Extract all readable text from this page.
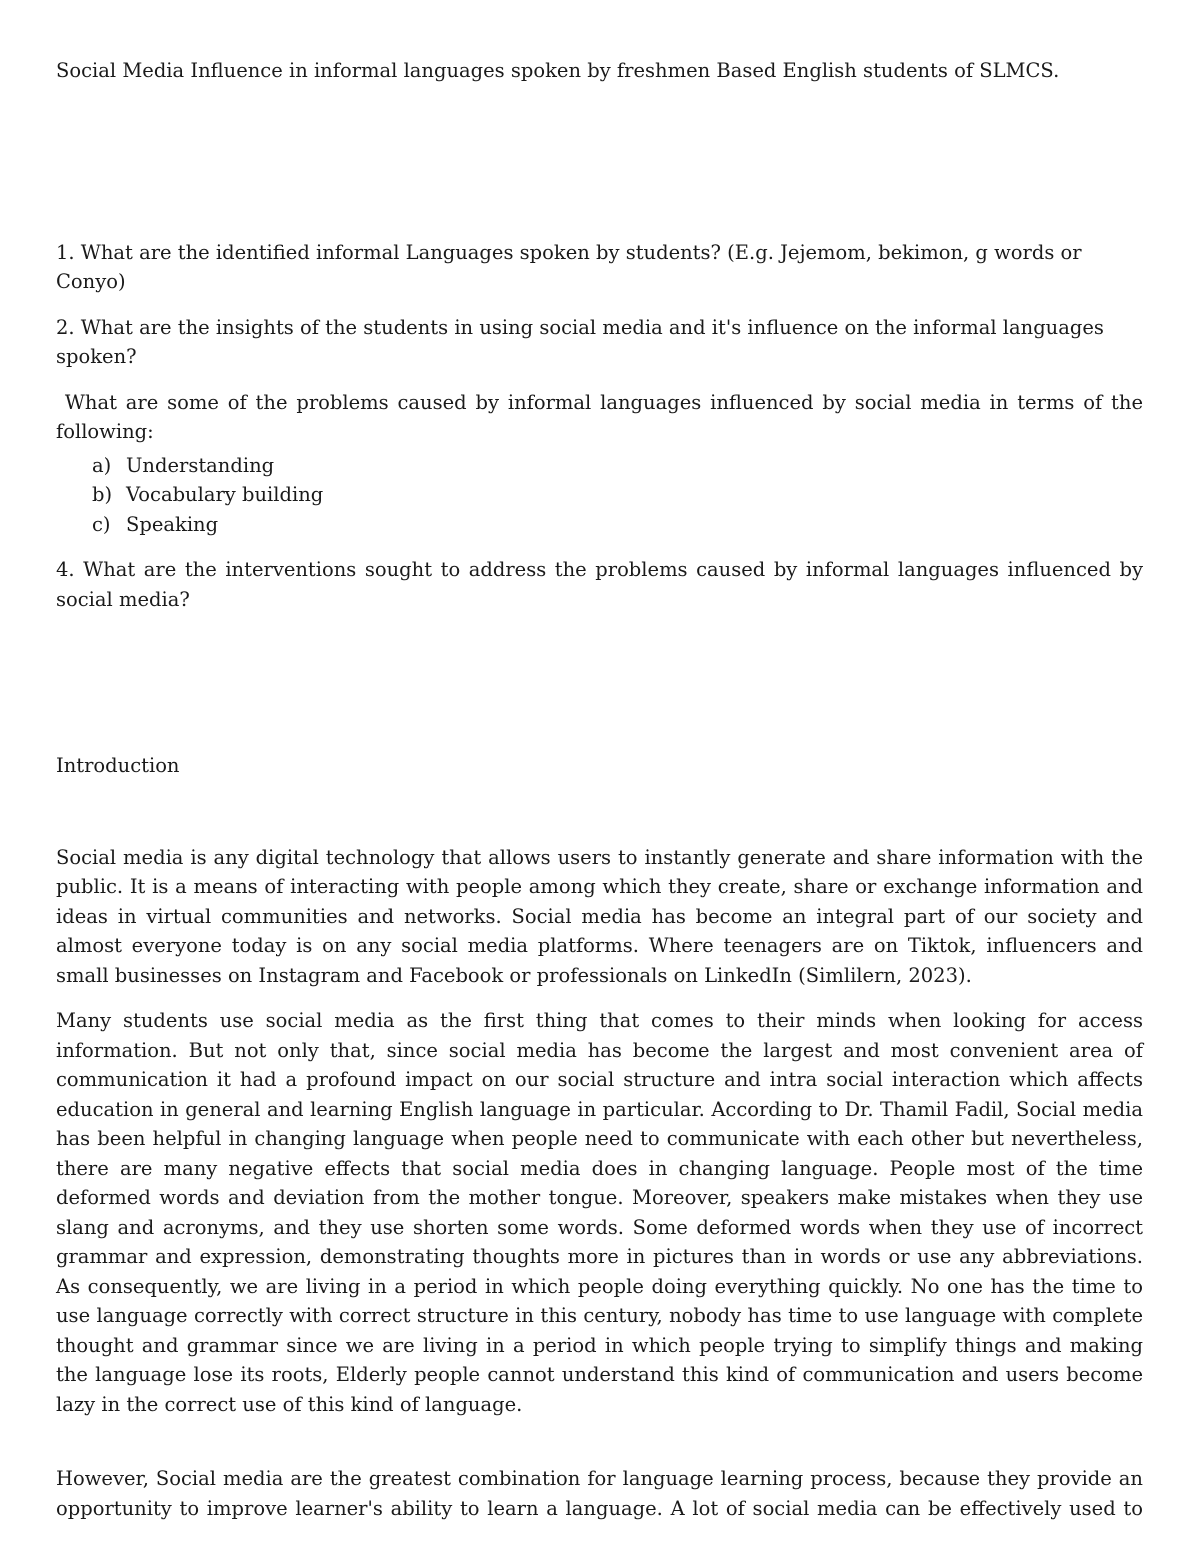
Social Media Influence in informal languages spoken by freshmen Based English students of SLMCS.

1. What are the identified informal Languages spoken by students? (E.g. Jejemom, bekimon, g words or Conyo)

2. What are the insights of the students in using social media and it's influence on the informal languages spoken?

What are some of the problems caused by informal languages influenced by social media in terms of the following:

a) Understanding
b) Vocabulary building
c) Speaking

4. What are the interventions sought to address the problems caused by informal languages influenced by social media?

Introduction

Social media is any digital technology that allows users to instantly generate and share information with the public. It is a means of interacting with people among which they create, share or exchange information and ideas in virtual communities and networks. Social media has become an integral part of our society and almost everyone today is on any social media platforms. Where teenagers are on Tiktok, influencers and small businesses on Instagram and Facebook or professionals on LinkedIn (Simlilern, 2023).

Many students use social media as the first thing that comes to their minds when looking for access information. But not only that, since social media has become the largest and most convenient area of communication it had a profound impact on our social structure and intra social interaction which affects education in general and learning English language in particular. According to Dr. Thamil Fadil, Social media has been helpful in changing language when people need to communicate with each other but nevertheless, there are many negative effects that social media does in changing language. People most of the time deformed words and deviation from the mother tongue. Moreover, speakers make mistakes when they use slang and acronyms, and they use shorten some words. Some deformed words when they use of incorrect grammar and expression, demonstrating thoughts more in pictures than in words or use any abbreviations. As consequently, we are living in a period in which people doing everything quickly. No one has the time to use language correctly with correct structure in this century, nobody has time to use language with complete thought and grammar since we are living in a period in which people trying to simplify things and making the language lose its roots, Elderly people cannot understand this kind of communication and users become lazy in the correct use of this kind of language.

However, Social media are the greatest combination for language learning process, because they provide an opportunity to improve learner's ability to learn a language. A lot of social media can be effectively used to
